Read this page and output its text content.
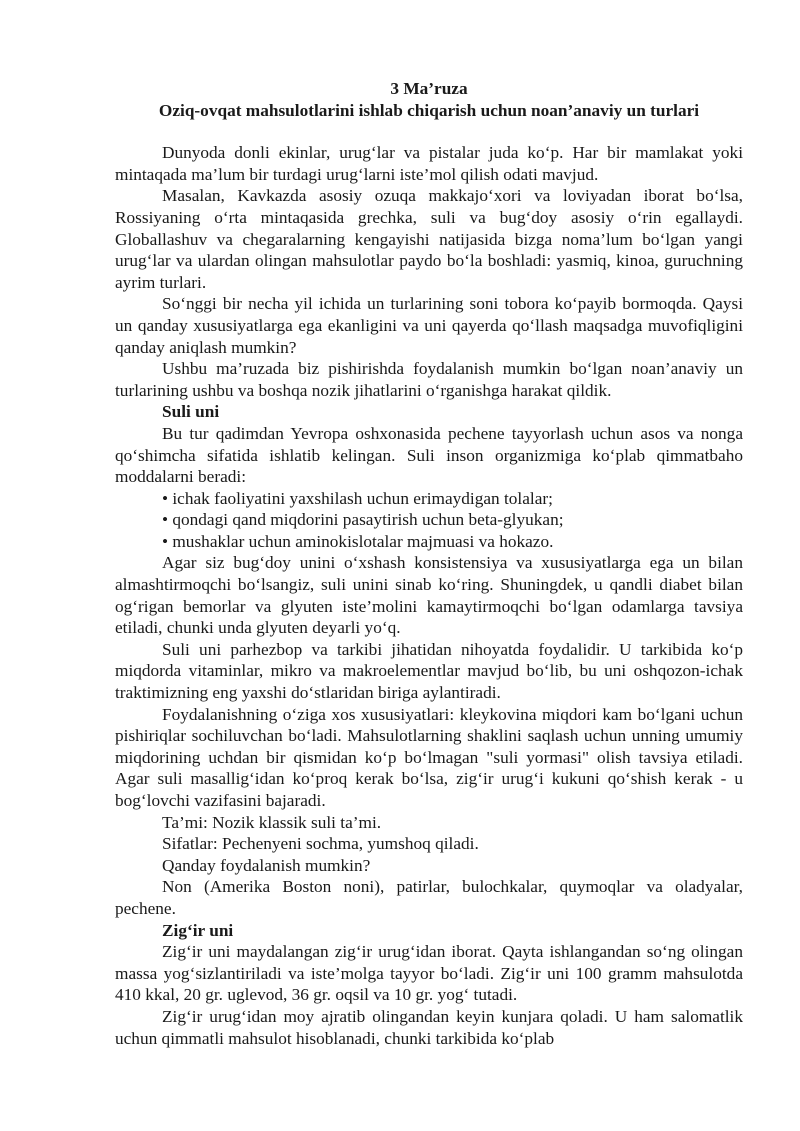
3 Ma’ruza
Oziq-ovqat mahsulotlarini ishlab chiqarish uchun noan’anaviy un turlari

Dunyoda donli ekinlar, urug‘lar va pistalar juda ko‘p. Har bir mamlakat yoki mintaqada ma’lum bir turdagi urug‘larni iste’mol qilish odati mavjud.

Masalan, Kavkazda asosiy ozuqa makkajo‘xori va loviyadan iborat bo‘lsa, Rossiyaning o‘rta mintaqasida grechka, suli va bug‘doy asosiy o‘rin egallaydi. Globallashuv va chegaralarning kengayishi natijasida bizga noma’lum bo‘lgan yangi urug‘lar va ulardan olingan mahsulotlar paydo bo‘la boshladi: yasmiq, kinoa, guruchning ayrim turlari.

So‘nggi bir necha yil ichida un turlarining soni tobora ko‘payib bormoqda. Qaysi un qanday xususiyatlarga ega ekanligini va uni qayerda qo‘llash maqsadga muvofiqligini qanday aniqlash mumkin?

Ushbu ma’ruzada biz pishirishda foydalanish mumkin bo‘lgan noan’anaviy un turlarining ushbu va boshqa nozik jihatlarini o‘rganishga harakat qildik.

Suli uni

Bu tur qadimdan Yevropa oshxonasida pechene tayyorlash uchun asos va nonga qo‘shimcha sifatida ishlatib kelingan. Suli inson organizmiga ko‘plab qimmatbaho moddalarni beradi:

• ichak faoliyatini yaxshilash uchun erimaydigan tolalar;
• qondagi qand miqdorini pasaytirish uchun beta-glyukan;
• mushaklar uchun aminokislotalar majmuasi va hokazo.

Agar siz bug‘doy unini o‘xshash konsistensiya va xususiyatlarga ega un bilan almashtirmoqchi bo‘lsangiz, suli unini sinab ko‘ring. Shuningdek, u qandli diabet bilan og‘rigan bemorlar va glyuten iste’molini kamaytirmoqchi bo‘lgan odamlarga tavsiya etiladi, chunki unda glyuten deyarli yo‘q.

Suli uni parhezbop va tarkibi jihatidan nihoyatda foydalidir. U tarkibida ko‘p miqdorda vitaminlar, mikro va makroelementlar mavjud bo‘lib, bu uni oshqozon-ichak traktimizning eng yaxshi do‘stlaridan biriga aylantiradi.

Foydalanishning o‘ziga xos xususiyatlari: kleykovina miqdori kam bo‘lgani uchun pishiriqlar sochiluvchan bo‘ladi. Mahsulotlarning shaklini saqlash uchun unning umumiy miqdorining uchdan bir qismidan ko‘p bo‘lmagan "suli yormasi" olish tavsiya etiladi. Agar suli masallig‘idan ko‘proq kerak bo‘lsa, zig‘ir urug‘i kukuni qo‘shish kerak - u bog‘lovchi vazifasini bajaradi.

Ta’mi: Nozik klassik suli ta’mi.

Sifatlar: Pechenyeni sochma, yumshoq qiladi.

Qanday foydalanish mumkin?

Non (Amerika Boston noni), patirlar, bulochkalar, quymoqlar va oladyalar, pechene.

Zig‘ir uni

Zig‘ir uni maydalangan zig‘ir urug‘idan iborat. Qayta ishlangandan so‘ng olingan massa yog‘sizlantiriladi va iste’molga tayyor bo‘ladi. Zig‘ir uni 100 gramm mahsulotda 410 kkal, 20 gr. uglevod, 36 gr. oqsil va 10 gr. yog‘ tutadi.

Zig‘ir urug‘idan moy ajratib olingandan keyin kunjara qoladi. U ham salomatlik uchun qimmatli mahsulot hisoblanadi, chunki tarkibida ko‘plab
